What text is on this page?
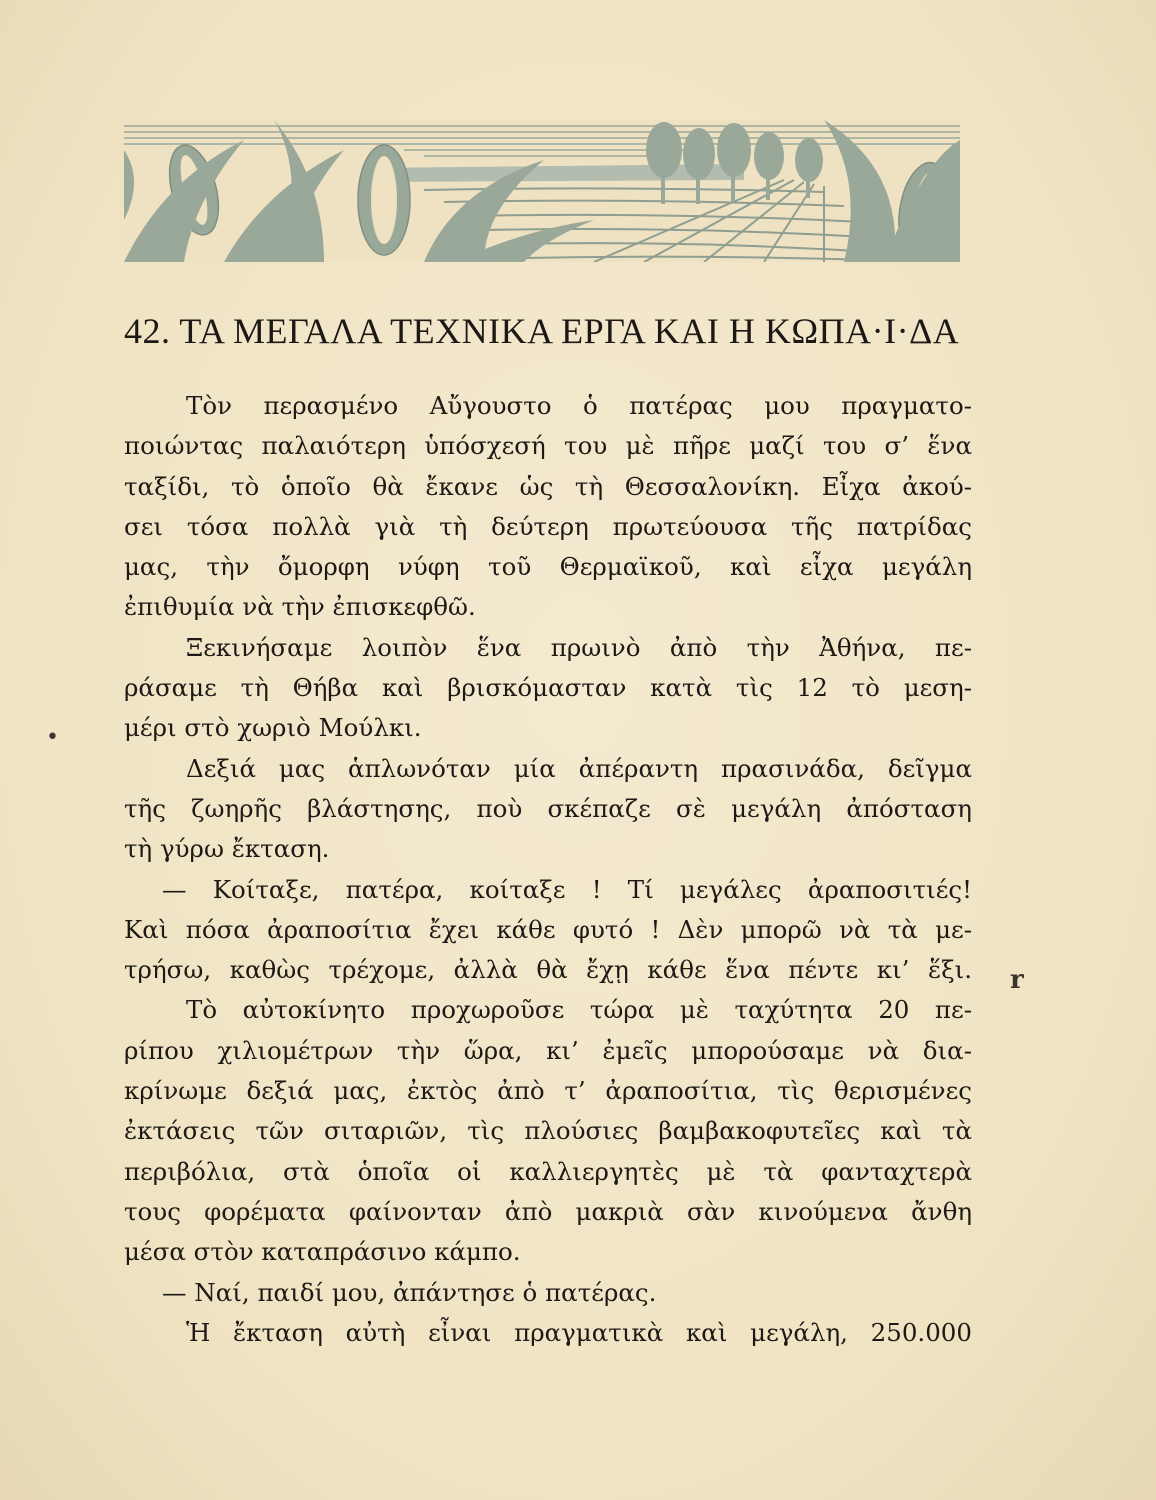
42. ΤΑ ΜΕΓΑΛΑ ΤΕΧΝΙΚΑ ΕΡΓΑ ΚΑΙ Η ΚΩΠΑ·Ι·ΔΑ
Τὸν περασμένο Αὔγουστο ὁ πατέρας μου πραγματο-
ποιώντας παλαιότερη ὑπόσχεσή του μὲ πῆρε μαζί του σ’ ἕνα
ταξίδι, τὸ ὁποῖο θὰ ἔκανε ὡς τὴ Θεσσαλονίκη. Εἶχα ἀκού-
σει τόσα πολλὰ γιὰ τὴ δεύτερη πρωτεύουσα τῆς πατρίδας
μας, τὴν ὄμορφη νύφη τοῦ Θερμαϊκοῦ, καὶ εἶχα μεγάλη
ἐπιθυμία νὰ τὴν ἐπισκεφθῶ.
Ξεκινήσαμε λοιπὸν ἕνα πρωινὸ ἀπὸ τὴν Ἀθήνα, πε-
ράσαμε τὴ Θήβα καὶ βρισκόμασταν κατὰ τὶς 12 τὸ μεση-
μέρι στὸ χωριὸ Μούλκι.
Δεξιά μας ἁπλωνόταν μία ἀπέραντη πρασινάδα, δεῖγμα
τῆς ζωηρῆς βλάστησης, ποὺ σκέπαζε σὲ μεγάλη ἀπόσταση
τὴ γύρω ἔκταση.
— Κοίταξε, πατέρα, κοίταξε ! Τί μεγάλες ἀραποσιτιές!
Καὶ πόσα ἀραποσίτια ἔχει κάθε φυτό ! Δὲν μπορῶ νὰ τὰ με-
τρήσω, καθὼς τρέχομε, ἀλλὰ θὰ ἔχῃ κάθε ἕνα πέντε κι’ ἕξι.
Τὸ αὐτοκίνητο προχωροῦσε τώρα μὲ ταχύτητα 20 πε-
ρίπου χιλιομέτρων τὴν ὥρα, κι’ ἐμεῖς μπορούσαμε νὰ δια-
κρίνωμε δεξιά μας, ἐκτὸς ἀπὸ τ’ ἀραποσίτια, τὶς θερισμένες
ἐκτάσεις τῶν σιταριῶν, τὶς πλούσιες βαμβακοφυτεῖες καὶ τὰ
περιβόλια, στὰ ὁποῖα οἱ καλλιεργητὲς μὲ τὰ φανταχτερὰ
τους φορέματα φαίνονταν ἀπὸ μακριὰ σὰν κινούμενα ἄνθη
μέσα στὸν καταπράσινο κάμπο.
— Ναί, παιδί μου, ἀπάντησε ὁ πατέρας.
Ἡ ἔκταση αὐτὴ εἶναι πραγματικὰ καὶ μεγάλη, 250.000
•
r
